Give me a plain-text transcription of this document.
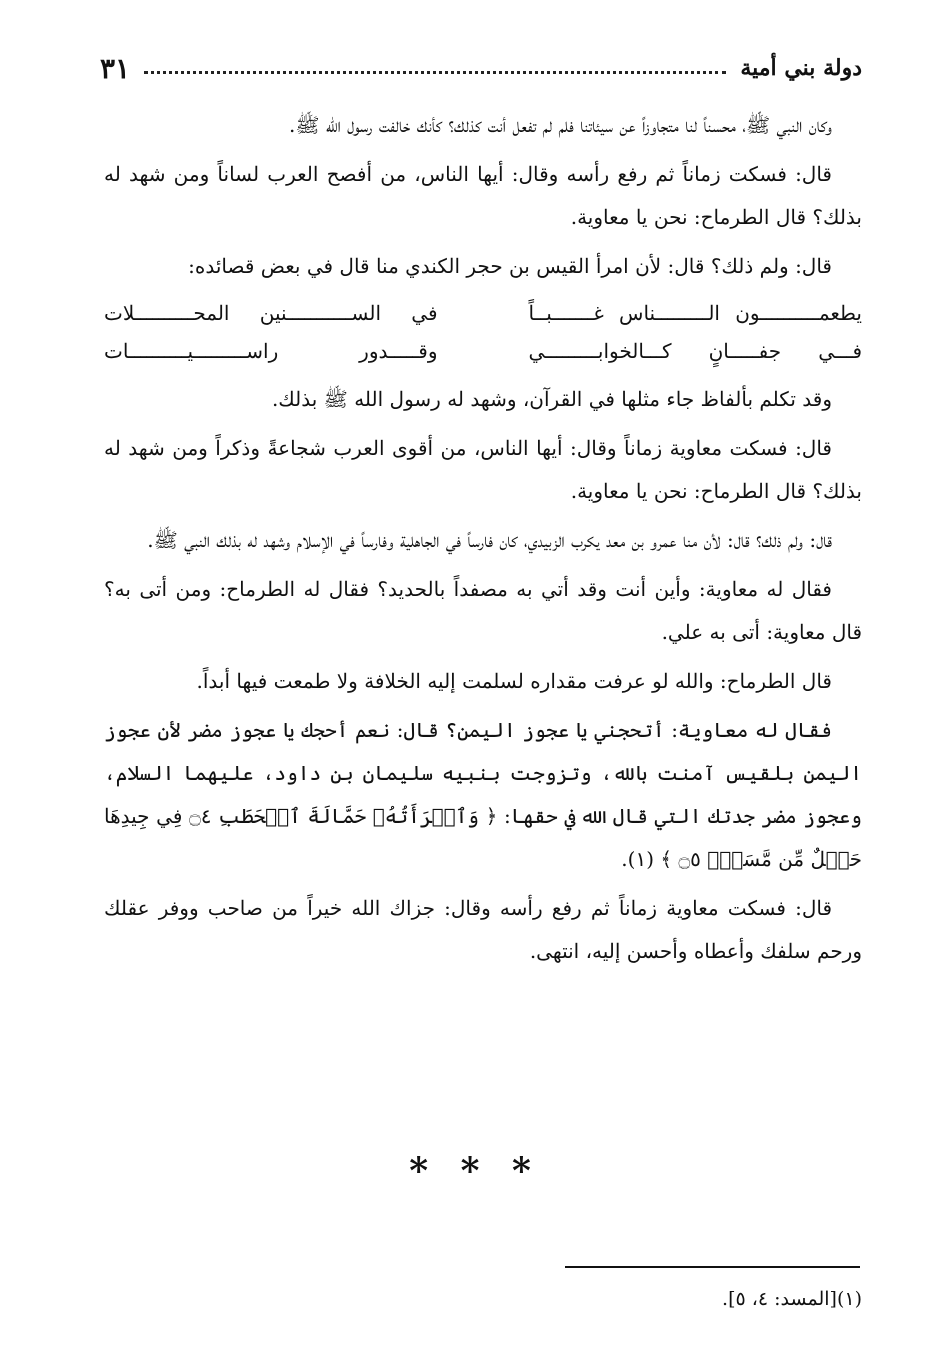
دولة بني أمية
٣١

وكان النبي ﷺ، محسناً لنا متجاوزاً عن سيئاتنا فلم لم تفعل أنت كذلك؟ كأنك خالفت رسول الله ﷺ.

قال: فسكت زماناً ثم رفع رأسه وقال: أيها الناس، من أفصح العرب لساناً ومن شهد له بذلك؟ قال الطرماح: نحن يا معاوية.

قال: ولم ذلك؟ قال: لأن امرأ القيس بن حجر الكندي منا قال في بعض قصائده:

يطعمــــــــــون الـــــــــناس غـــــــبــاً
في الســـــــــــنين المحــــــــــلات
فـــي جفـــــانٍ كـــالخوابـــــــــي
وقـــــدور راســـــــــيــــــــــات

وقد تكلم بألفاظ جاء مثلها في القرآن، وشهد له رسول الله ﷺ بذلك.

قال: فسكت معاوية زماناً وقال: أيها الناس، من أقوى العرب شجاعةً وذكراً ومن شهد له بذلك؟ قال الطرماح: نحن يا معاوية.

قال: ولم ذلك؟ قال: لأن منا عمرو بن معد يكرب الزبيدي، كان فارساً في الجاهلية وفارساً في الإسلام وشهد له بذلك النبي ﷺ.

فقال له معاوية: وأين أنت وقد أتي به مصفداً بالحديد؟ فقال له الطرماح: ومن أتى به؟ قال معاوية: أتى به علي.

قال الطرماح: والله لو عرفت مقداره لسلمت إليه الخلافة ولا طمعت فيها أبداً.

فقال له معاوية: أتحجني يا عجوز اليمن؟ قال: نعم أحجك يا عجوز مضر لأن عجوز اليمن بلقيس آمنت بالله، وتزوجت بنبيه سليمان بن داود، عليهما السلام، وعجوز مضر جدتك التي قال الله في حقها: ﴿ وَٱمۡرَأَتُهُۥ حَمَّالَةَ ٱلۡحَطَبِ ۝٤ فِي جِيدِهَا حَبۡلٌ مِّن مَّسَدِۭ ۝٥ ﴾ (١).

قال: فسكت معاوية زماناً ثم رفع رأسه وقال: جزاك الله خيراً من صاحب ووفر عقلك ورحم سلفك وأعطاه وأحسن إليه، انتهى.

* * *
(١)[المسد: ٤، ٥].
